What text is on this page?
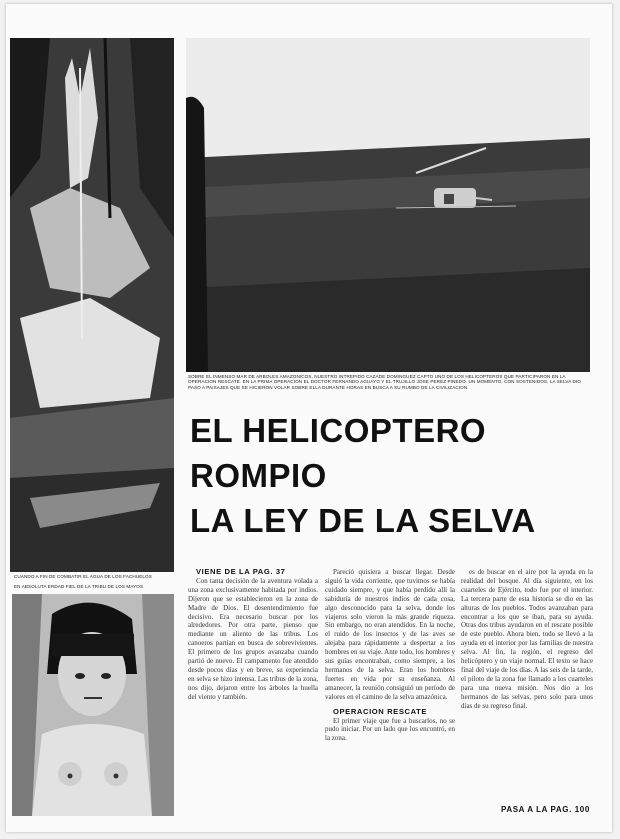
CUANDO A FIN DE COMBATIR EL AGUA DE LOS FACHUELOS
EN ABSOLUTA ERDAD FIEL DE LA TRIBU DE LOS MAYOS
SOBRE EL INMENSO MAR DE ARBOLES AMAZONICOS, NUESTRO INTREPIDO CAZADE DOMINGUEZ CAPTO UNO DE LOS HELICOPTEROS QUE PARTICIPARON EN LA OPERACION RESCATE. EN LA PRIMA OPERACION EL DOCTOR FERNANDO AGUAYO Y EL TRUJILLO JOSE PEREZ PINEDO. UN MOMENTO, CON SOSTENIDOS, LA SELVA DIO PASO A PAISAJES QUE SE HICIERON VOLAR SOBRE ELLA DURANTE HORAS EN BUSCA A SU RUMBO DE LA CIVILIZACION.
EL HELICOPTERO
ROMPIO
LA LEY DE LA SELVA

VIENE DE LA PAG. 37

Con tanta decisión de la aventura volada a una zona exclusivamente habitada por indios. Dijeron que se establecieron en la zona de Madre de Dios. El desentendimiento fue decisivo. Era necesario buscar por los alrededores. Por otra parte, pienso que mediante un aliento de las tribus. Los canoeros partían en busca de sobrevivientes. El primero de los grupos avanzaba cuando partió de nuevo. El campamento fue atendido desde pocos días y en breve, su experiencia en selva se hizo intensa. Las tribus de la zona, nos dijo, dejaron entre los árboles la huella del viento y también.

Pareció quisiera a buscar llegar. Desde siguió la vida corriente, que tuvimos se había cuidado siempre, y que había perdido allí la sabiduría de nuestros indios de cada cosa, algo desconocido para la selva, donde los viajeros solo vieron la más grande riqueza. Sin embargo, no eran atendidos. En la noche, el ruido de los insectos y de las aves se alejaba para rápidamente a despertar a los hombres en su viaje. Ante todo, los hombres y sus guías encontraban, como siempre, a los hermanos de la selva. Eran los hombres fuertes en vida por su enseñanza. Al amanecer, la reunión consiguió un período de valores en el camino de la selva amazónica.

OPERACION RESCATE

El primer viaje que fue a buscarlos, no se pudo iniciar. Por un lado que los encontró, en la zona.

es de buscar en el aire por la ayuda en la realidad del bosque. Al día siguiente, en los cuarteles de Ejército, todo fue por el interior. La tercera parte de esta historia se dio en las alturas de los pueblos. Todos avanzaban para encontrar a los que se iban, para su ayuda. Otras dos tribus ayudaron en el rescate posible de este pueblo. Ahora bien, todo se llevó a la ayuda en el interior por las familias de nuestra selva. Al fin, la región, el regreso del helicóptero y un viaje normal. El texto se hace final del viaje de los días. A las seis de la tarde, el piloto de la zona fue llamado a los cuarteles para una nueva misión. Nos dio a los hermanos de las selvas, pero solo para unos días de su regreso final.

PASA A LA PAG. 100
